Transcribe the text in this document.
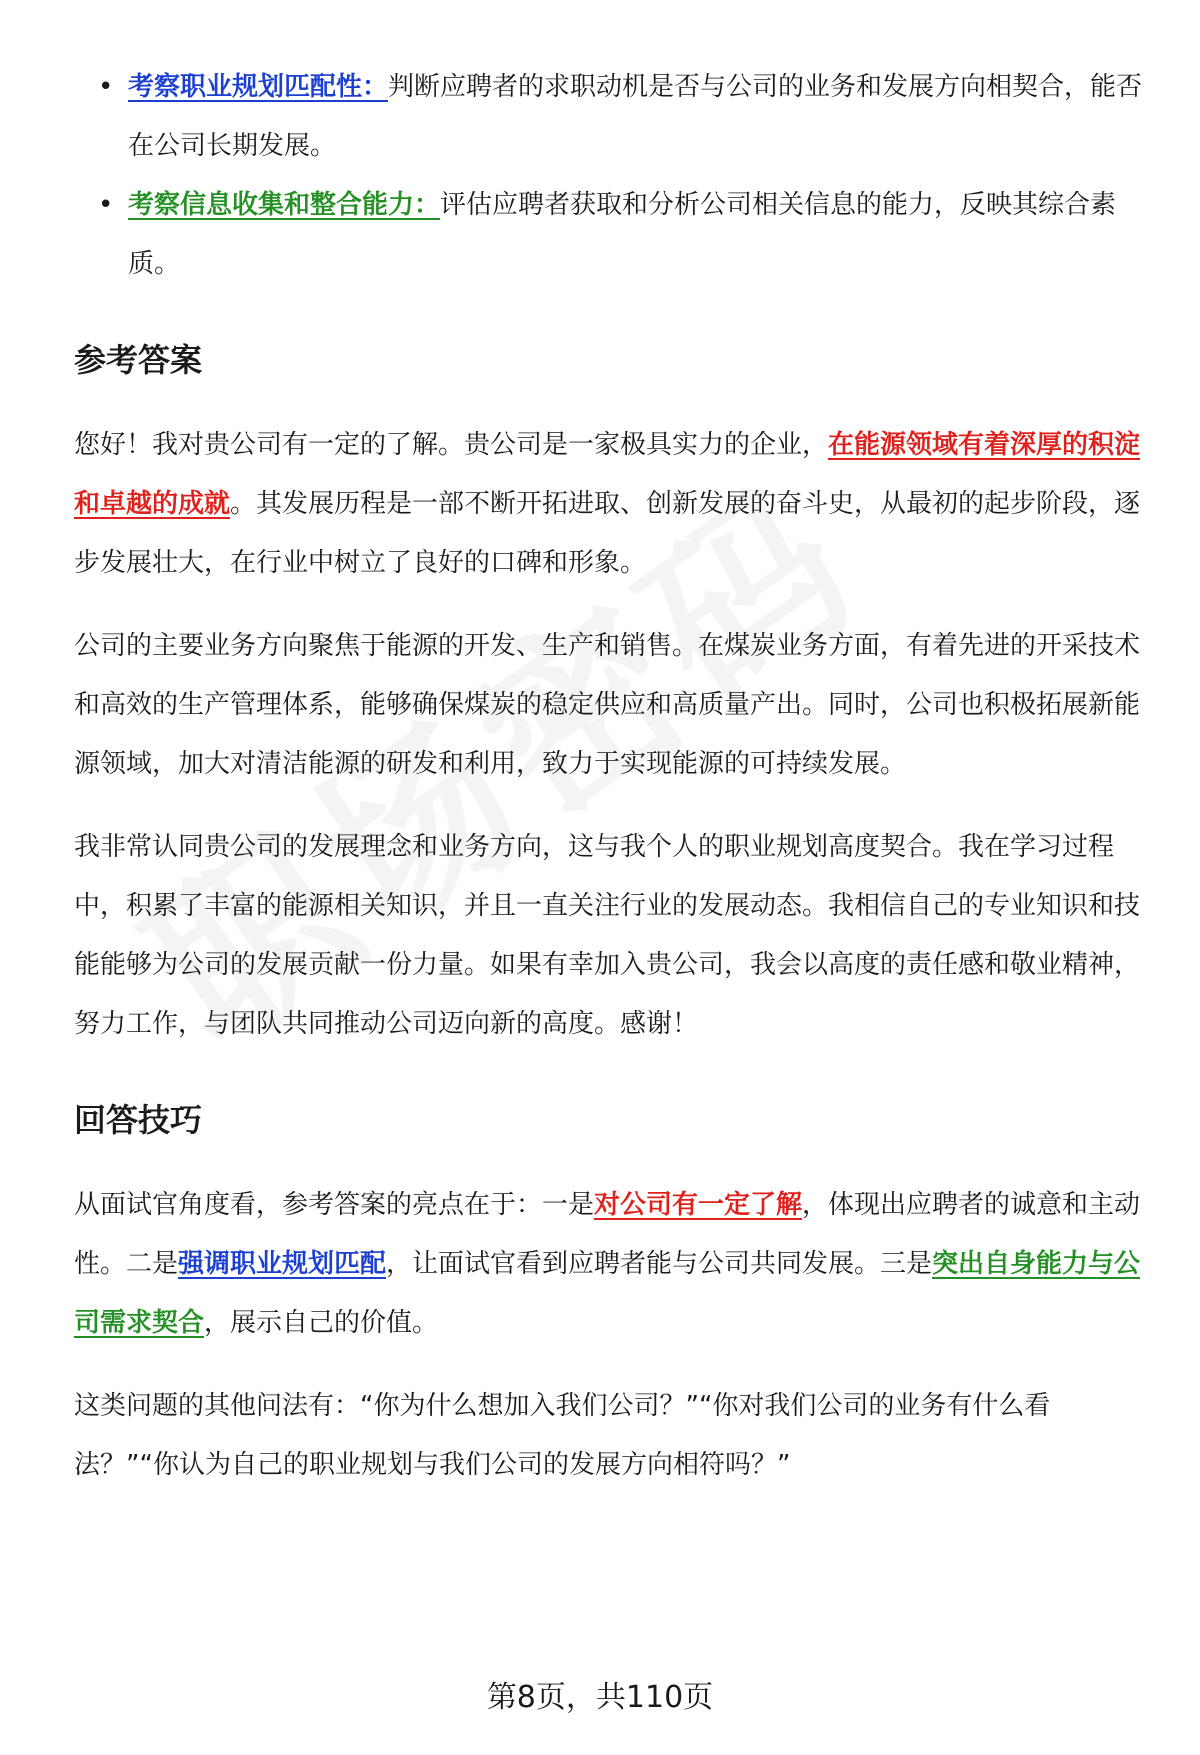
• 考察职业规划匹配性：判断应聘者的求职动机是否与公司的业务和发展方向相契合，能否在公司长期发展。
• 考察信息收集和整合能力：评估应聘者获取和分析公司相关信息的能力，反映其综合素质。
参考答案

您好！我对贵公司有一定的了解。贵公司是一家极具实力的企业，在能源领域有着深厚的积淀和卓越的成就。其发展历程是一部不断开拓进取、创新发展的奋斗史，从最初的起步阶段，逐步发展壮大，在行业中树立了良好的口碑和形象。

公司的主要业务方向聚焦于能源的开发、生产和销售。在煤炭业务方面，有着先进的开采技术和高效的生产管理体系，能够确保煤炭的稳定供应和高质量产出。同时，公司也积极拓展新能源领域，加大对清洁能源的研发和利用，致力于实现能源的可持续发展。

我非常认同贵公司的发展理念和业务方向，这与我个人的职业规划高度契合。我在学习过程中，积累了丰富的能源相关知识，并且一直关注行业的发展动态。我相信自己的专业知识和技能能够为公司的发展贡献一份力量。如果有幸加入贵公司，我会以高度的责任感和敬业精神，努力工作，与团队共同推动公司迈向新的高度。感谢！

回答技巧

从面试官角度看，参考答案的亮点在于：一是对公司有一定了解，体现出应聘者的诚意和主动性。二是强调职业规划匹配，让面试官看到应聘者能与公司共同发展。三是突出自身能力与公司需求契合，展示自己的价值。

这类问题的其他问法有：“你为什么想加入我们公司？”“你对我们公司的业务有什么看法？”“你认为自己的职业规划与我们公司的发展方向相符吗？”

第8页，共110页
